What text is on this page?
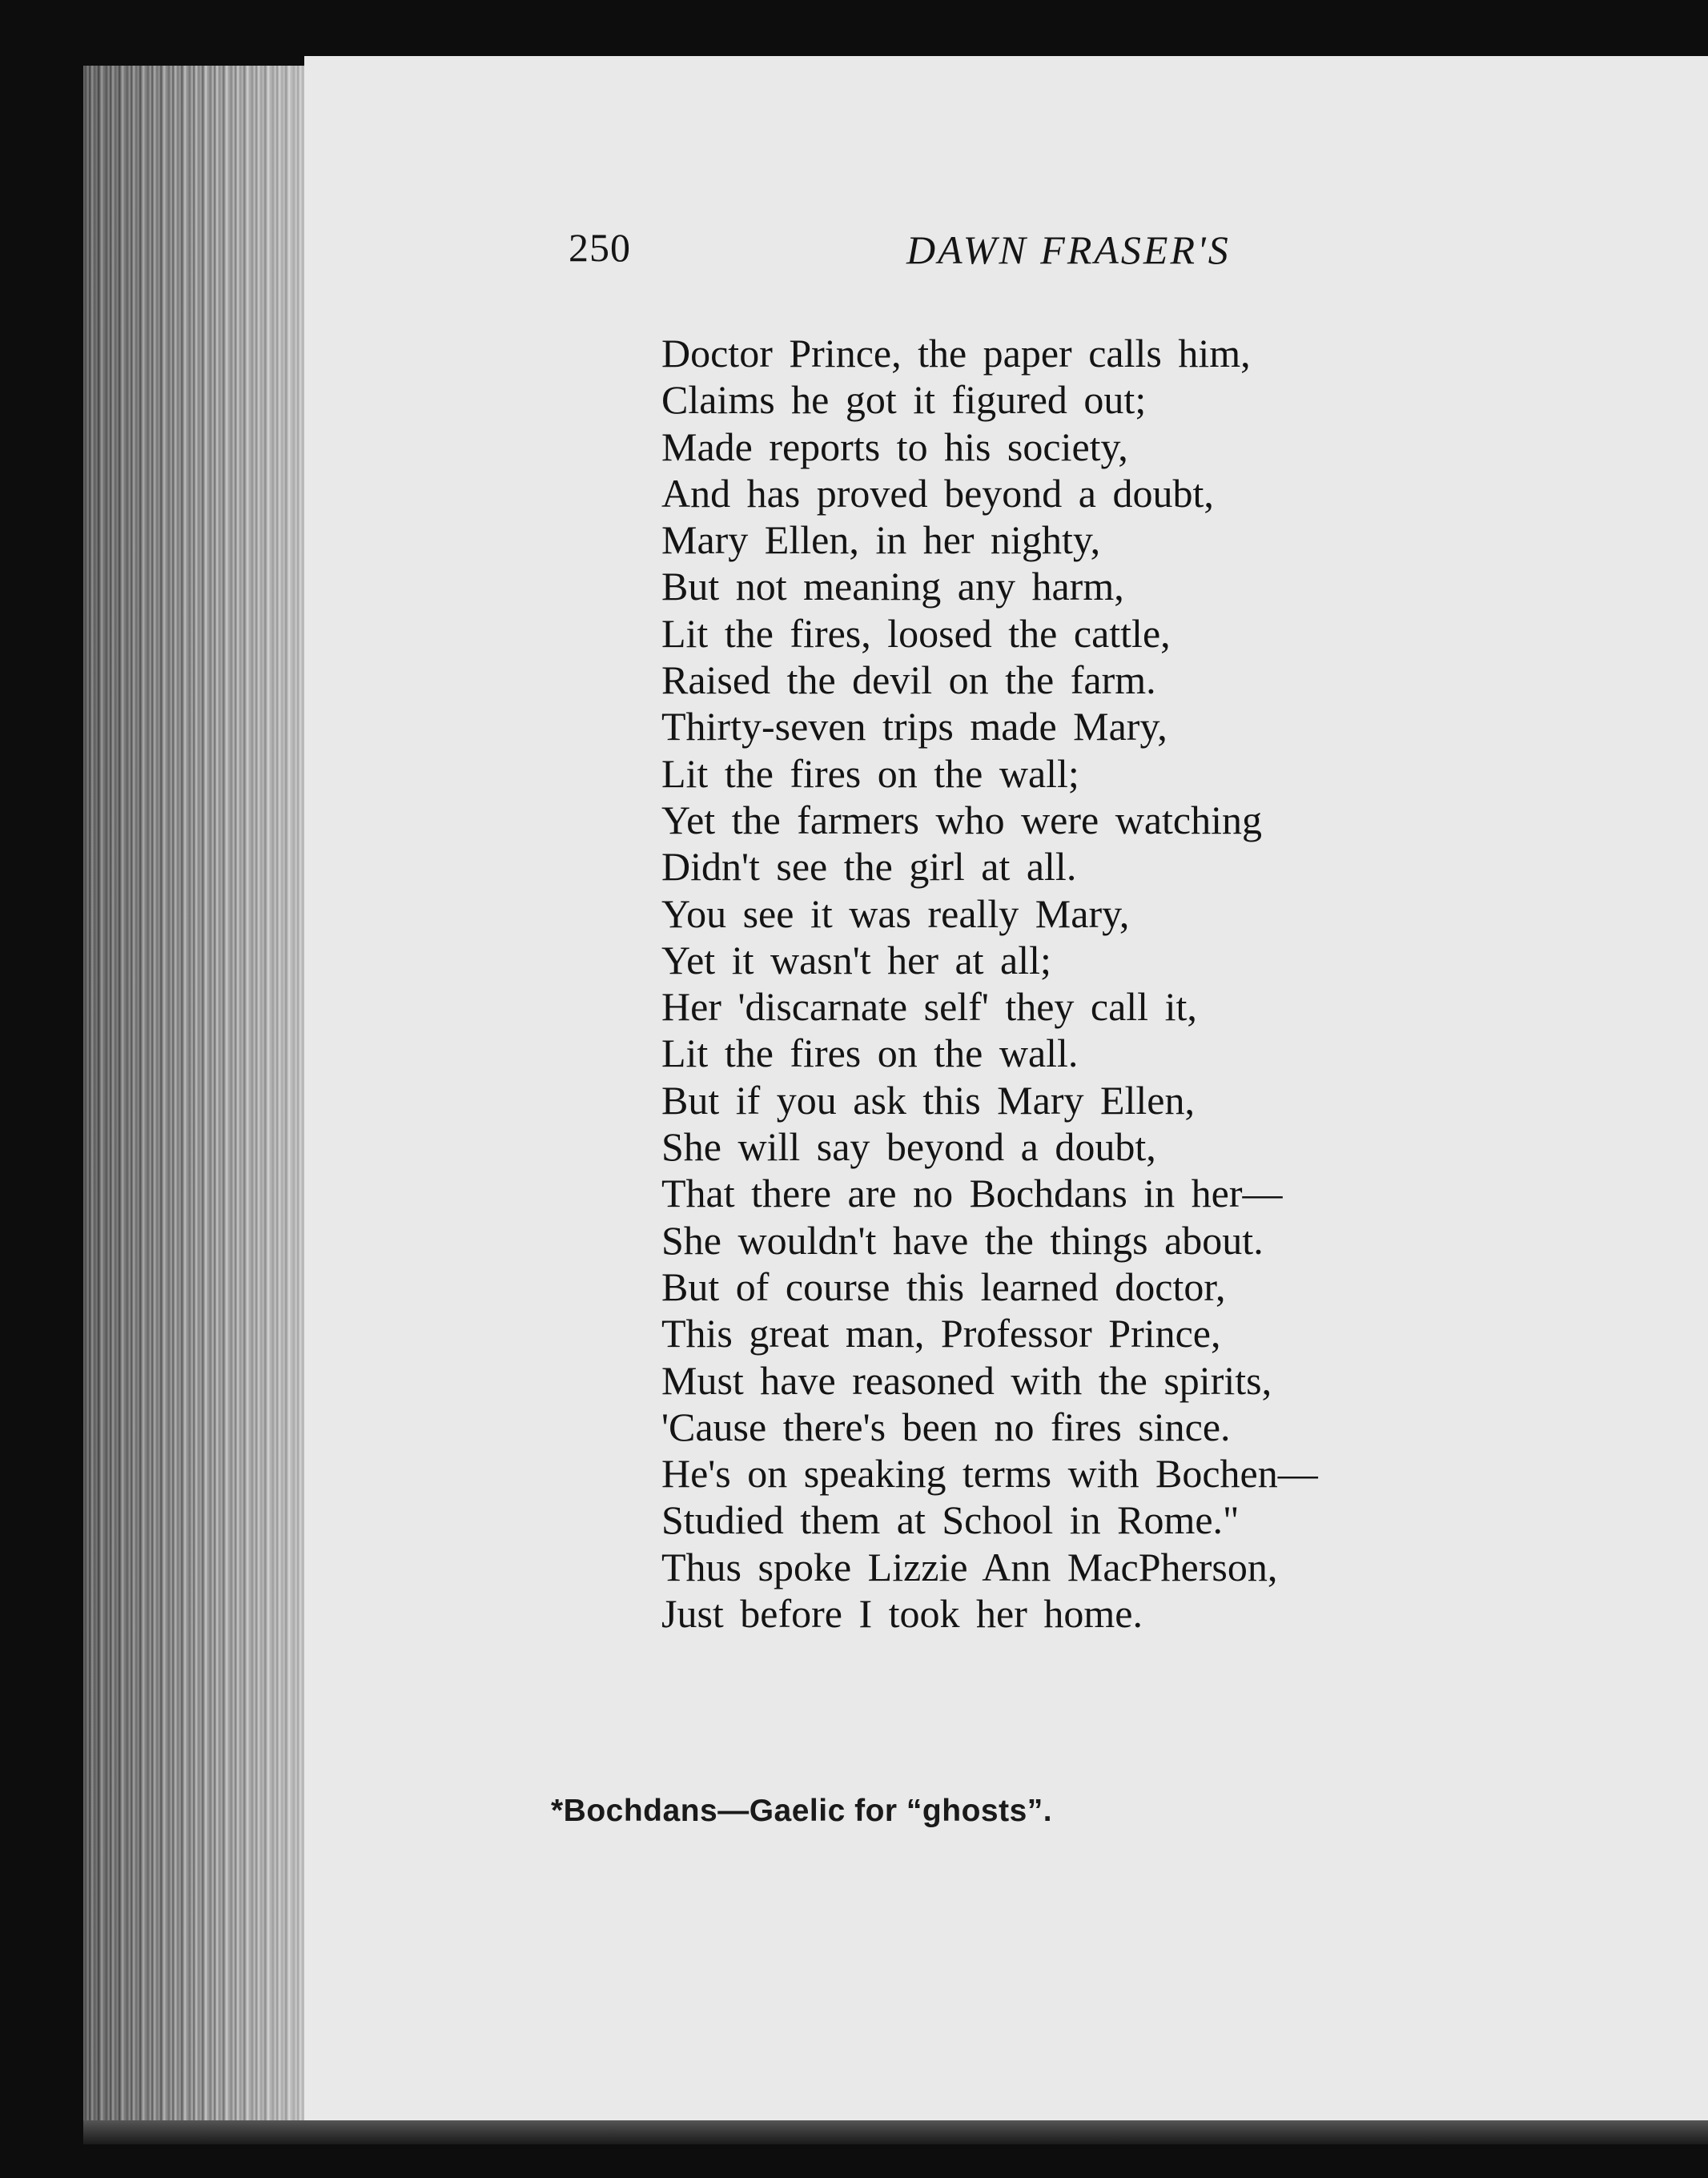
250	DAWN FRASER'S
Doctor Prince, the paper calls him,
Claims he got it figured out;
Made reports to his society,
And has proved beyond a doubt,
Mary Ellen, in her nighty,
But not meaning any harm,
Lit the fires, loosed the cattle,
Raised the devil on the farm.
Thirty-seven trips made Mary,
Lit the fires on the wall;
Yet the farmers who were watching
Didn't see the girl at all.
You see it was really Mary,
Yet it wasn't her at all;
Her 'discarnate self' they call it,
Lit the fires on the wall.
But if you ask this Mary Ellen,
She will say beyond a doubt,
That there are no Bochdans in her—
She wouldn't have the things about.
But of course this learned doctor,
This great man, Professor Prince,
Must have reasoned with the spirits,
'Cause there's been no fires since.
He's on speaking terms with Bochen—
Studied them at School in Rome."
Thus spoke Lizzie Ann MacPherson,
Just before I took her home.
*Bochdans—Gaelic for “ghosts”.
